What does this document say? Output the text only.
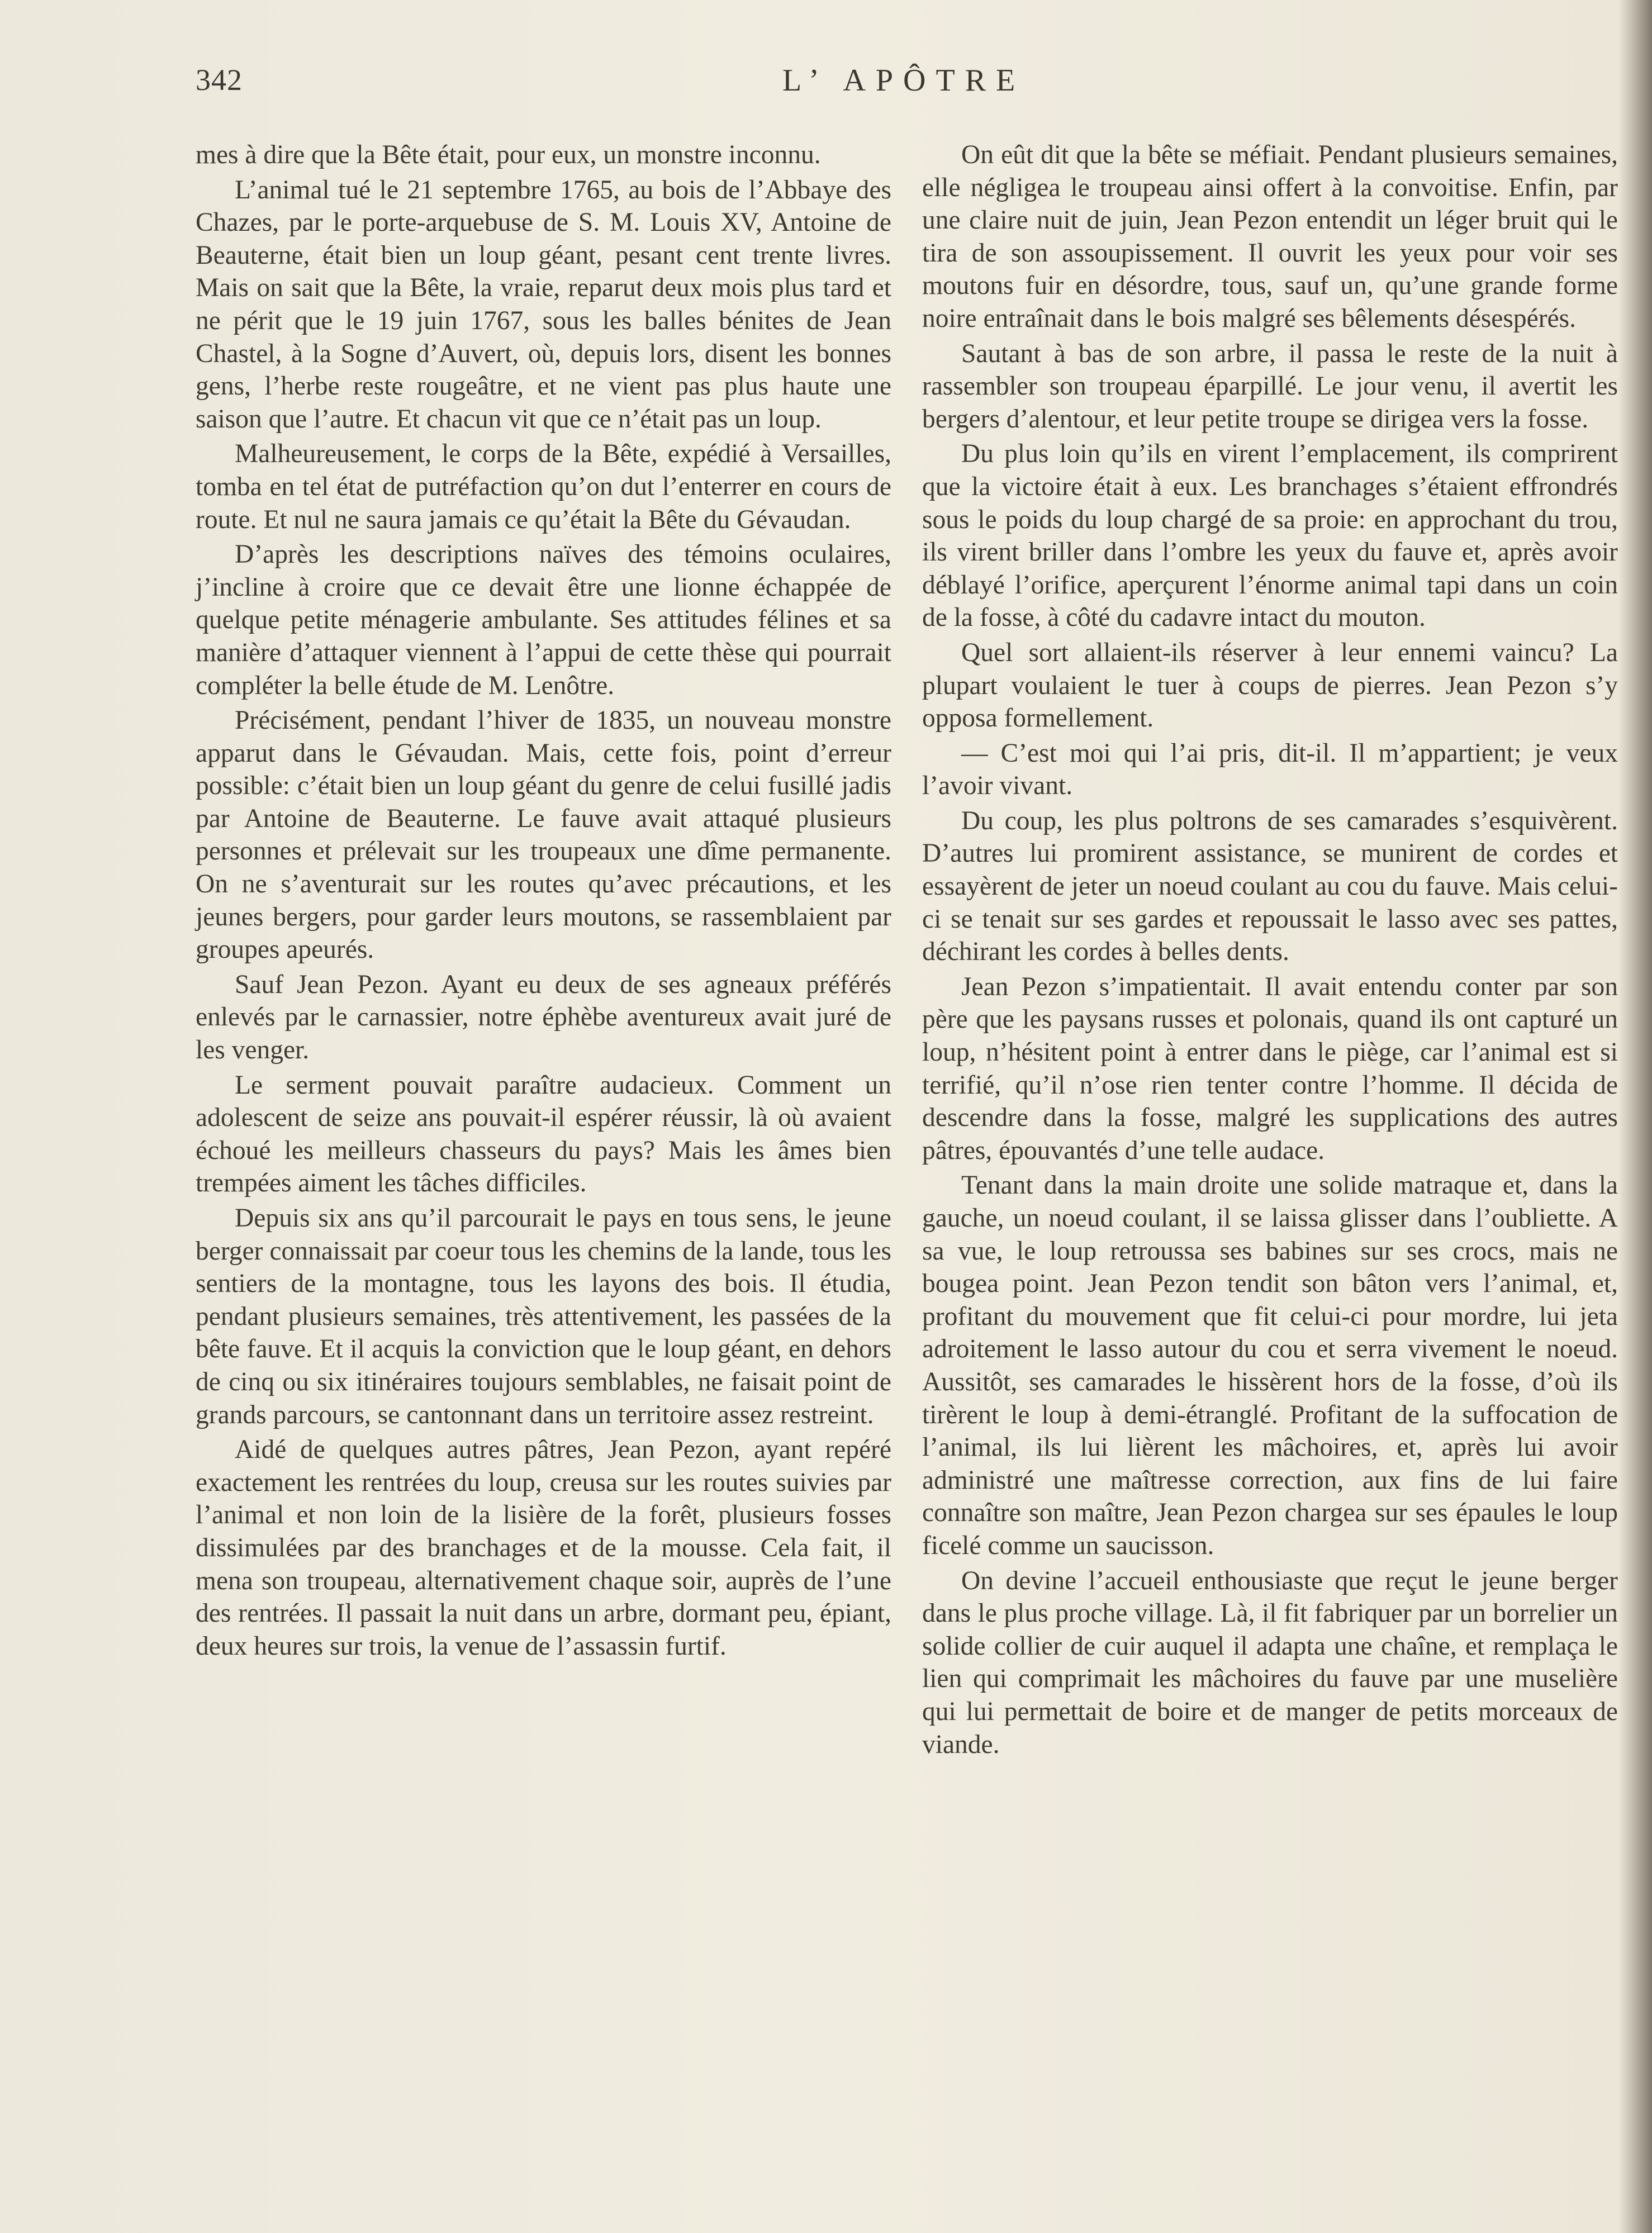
342	L’ APÔTRE

mes à dire que la Bête était, pour eux, un monstre inconnu.

L’animal tué le 21 septembre 1765, au bois de l’Abbaye des Chazes, par le porte-arquebuse de S. M. Louis XV, Antoine de Beauterne, était bien un loup géant, pesant cent trente livres. Mais on sait que la Bête, la vraie, reparut deux mois plus tard et ne périt que le 19 juin 1767, sous les balles bénites de Jean Chastel, à la Sogne d’Auvert, où, depuis lors, disent les bonnes gens, l’herbe reste rougeâtre, et ne vient pas plus haute une saison que l’autre. Et chacun vit que ce n’était pas un loup.

Malheureusement, le corps de la Bête, expédié à Versailles, tomba en tel état de putréfaction qu’on dut l’enterrer en cours de route. Et nul ne saura jamais ce qu’était la Bête du Gévaudan.

D’après les descriptions naïves des témoins oculaires, j’incline à croire que ce devait être une lionne échappée de quelque petite ménagerie ambulante. Ses attitudes félines et sa manière d’attaquer viennent à l’appui de cette thèse qui pourrait compléter la belle étude de M. Lenôtre.

Précisément, pendant l’hiver de 1835, un nouveau monstre apparut dans le Gévaudan. Mais, cette fois, point d’erreur possible: c’était bien un loup géant du genre de celui fusillé jadis par Antoine de Beauterne. Le fauve avait attaqué plusieurs personnes et prélevait sur les troupeaux une dîme permanente. On ne s’aventurait sur les routes qu’avec précautions, et les jeunes bergers, pour garder leurs moutons, se rassemblaient par groupes apeurés.

Sauf Jean Pezon. Ayant eu deux de ses agneaux préférés enlevés par le carnassier, notre éphèbe aventureux avait juré de les venger.

Le serment pouvait paraître audacieux. Comment un adolescent de seize ans pouvait-il espérer réussir, là où avaient échoué les meilleurs chasseurs du pays? Mais les âmes bien trempées aiment les tâches difficiles.

Depuis six ans qu’il parcourait le pays en tous sens, le jeune berger connaissait par coeur tous les chemins de la lande, tous les sentiers de la montagne, tous les layons des bois. Il étudia, pendant plusieurs semaines, très attentivement, les passées de la bête fauve. Et il acquis la conviction que le loup géant, en dehors de cinq ou six itinéraires toujours semblables, ne faisait point de grands parcours, se cantonnant dans un territoire assez restreint.

Aidé de quelques autres pâtres, Jean Pezon, ayant repéré exactement les rentrées du loup, creusa sur les routes suivies par l’animal et non loin de la lisière de la forêt, plusieurs fosses dissimulées par des branchages et de la mousse. Cela fait, il mena son troupeau, alternativement chaque soir, auprès de l’une des rentrées. Il passait la nuit dans un arbre, dormant peu, épiant, deux heures sur trois, la venue de l’assassin furtif.

On eût dit que la bête se méfiait. Pendant plusieurs semaines, elle négligea le troupeau ainsi offert à la convoitise. Enfin, par une claire nuit de juin, Jean Pezon entendit un léger bruit qui le tira de son assoupissement. Il ouvrit les yeux pour voir ses moutons fuir en désordre, tous, sauf un, qu’une grande forme noire entraînait dans le bois malgré ses bêlements désespérés.

Sautant à bas de son arbre, il passa le reste de la nuit à rassembler son troupeau éparpillé. Le jour venu, il avertit les bergers d’alentour, et leur petite troupe se dirigea vers la fosse.

Du plus loin qu’ils en virent l’emplacement, ils comprirent que la victoire était à eux. Les branchages s’étaient effrondrés sous le poids du loup chargé de sa proie: en approchant du trou, ils virent briller dans l’ombre les yeux du fauve et, après avoir déblayé l’orifice, aperçurent l’énorme animal tapi dans un coin de la fosse, à côté du cadavre intact du mouton.

Quel sort allaient-ils réserver à leur ennemi vaincu? La plupart voulaient le tuer à coups de pierres. Jean Pezon s’y opposa formellement.

— C’est moi qui l’ai pris, dit-il. Il m’appartient; je veux l’avoir vivant.

Du coup, les plus poltrons de ses camarades s’esquivèrent. D’autres lui promirent assistance, se munirent de cordes et essayèrent de jeter un noeud coulant au cou du fauve. Mais celui-ci se tenait sur ses gardes et repoussait le lasso avec ses pattes, déchirant les cordes à belles dents.

Jean Pezon s’impatientait. Il avait entendu conter par son père que les paysans russes et polonais, quand ils ont capturé un loup, n’hésitent point à entrer dans le piège, car l’animal est si terrifié, qu’il n’ose rien tenter contre l’homme. Il décida de descendre dans la fosse, malgré les supplications des autres pâtres, épouvantés d’une telle audace.

Tenant dans la main droite une solide matraque et, dans la gauche, un noeud coulant, il se laissa glisser dans l’oubliette. A sa vue, le loup retroussa ses babines sur ses crocs, mais ne bougea point. Jean Pezon tendit son bâton vers l’animal, et, profitant du mouvement que fit celui-ci pour mordre, lui jeta adroitement le lasso autour du cou et serra vivement le noeud. Aussitôt, ses camarades le hissèrent hors de la fosse, d’où ils tirèrent le loup à demi-étranglé. Profitant de la suffocation de l’animal, ils lui lièrent les mâchoires, et, après lui avoir administré une maîtresse correction, aux fins de lui faire connaître son maître, Jean Pezon chargea sur ses épaules le loup ficelé comme un saucisson.

On devine l’accueil enthousiaste que reçut le jeune berger dans le plus proche village. Là, il fit fabriquer par un borrelier un solide collier de cuir auquel il adapta une chaîne, et remplaça le lien qui comprimait les mâchoires du fauve par une muselière qui lui permettait de boire et de manger de petits morceaux de viande.
